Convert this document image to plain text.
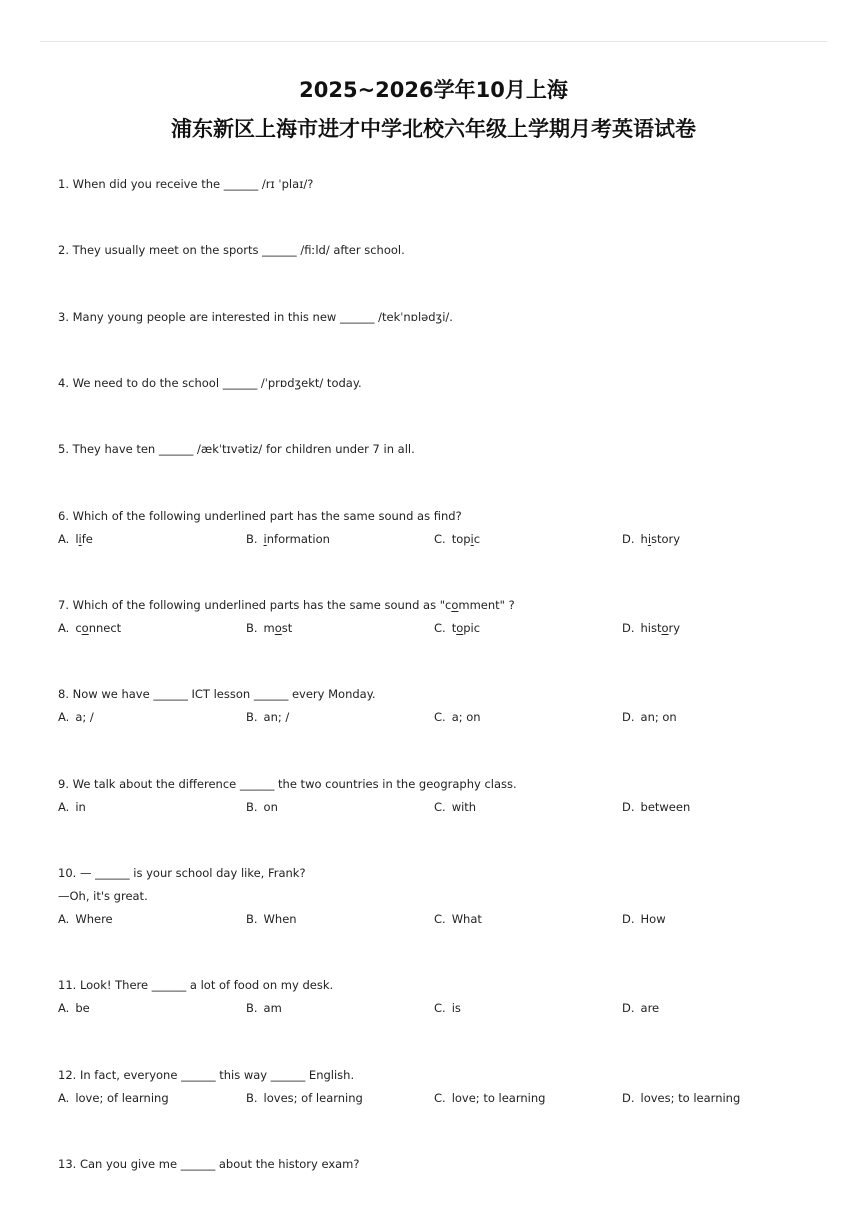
2025~2026学年10月上海
浦东新区上海市进才中学北校六年级上学期月考英语试卷
1. When did you receive the ______ /rɪ ˈplaɪ/?
2. They usually meet on the sports ______ /fiːld/ after school.
3. Many young people are interested in this new ______ /tekˈnɒlədʒi/.
4. We need to do the school ______ /ˈprɒdʒekt/ today.
5. They have ten ______ /ækˈtɪvətiz/ for children under 7 in all.
6. Which of the following underlined part has the same sound as fnd?
A. life	B. information	C. topic	D. history
7. Which of the following underlined parts has the same sound as "comment" ?
A. connect	B. most	C. topic	D. history
8. Now we have ______ ICT lesson ______ every Monday.
A. a; /	B. an; /	C. a; on	D. an; on
9. We talk about the difference ______ the two countries in the geography class.
A. in	B. on	C. with	D. between
10. — ______ is your school day like, Frank?
—Oh, it's great.
A. Where	B. When	C. What	D. How
11. Look! There ______ a lot of food on my desk.
A. be	B. am	C. is	D. are
12. In fact, everyone ______ this way ______ English.
A. love; of learning	B. loves; of learning	C. love; to learning	D. loves; to learning
13. Can you give me ______ about the history exam?
